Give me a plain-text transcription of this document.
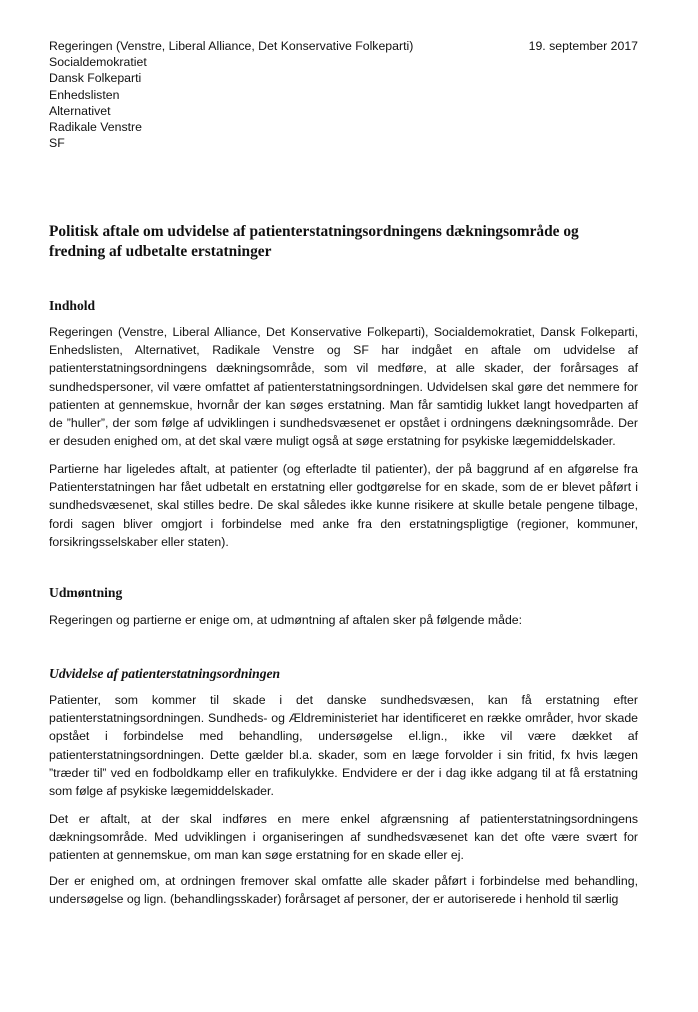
Regeringen (Venstre, Liberal Alliance, Det Konservative Folkeparti)
Socialdemokratiet
Dansk Folkeparti
Enhedslisten
Alternativet
Radikale Venstre
SF
19. september 2017
Politisk aftale om udvidelse af patienterstatningsordningens dækningsområde og fredning af udbetalte erstatninger
Indhold

Regeringen (Venstre, Liberal Alliance, Det Konservative Folkeparti), Socialdemokratiet, Dansk Folkeparti, Enhedslisten, Alternativet, Radikale Venstre og SF har indgået en aftale om udvidelse af patienterstatningsordningens dækningsområde, som vil medføre, at alle skader, der forårsages af sundhedspersoner, vil være omfattet af patienterstatningsordningen. Udvidelsen skal gøre det nemmere for patienten at gennemskue, hvornår der kan søges erstatning. Man får samtidig lukket langt hovedparten af de ”huller”, der som følge af udviklingen i sundhedsvæsenet er opstået i ordningens dækningsområde. Der er desuden enighed om, at det skal være muligt også at søge erstatning for psykiske lægemiddelskader.

Partierne har ligeledes aftalt, at patienter (og efterladte til patienter), der på baggrund af en afgørelse fra Patienterstatningen har fået udbetalt en erstatning eller godtgørelse for en skade, som de er blevet påført i sundhedsvæsenet, skal stilles bedre. De skal således ikke kunne risikere at skulle betale pengene tilbage, fordi sagen bliver omgjort i forbindelse med anke fra den erstatningspligtige (regioner, kommuner, forsikringsselskaber eller staten).

Udmøntning

Regeringen og partierne er enige om, at udmøntning af aftalen sker på følgende måde:

Udvidelse af patienterstatningsordningen

Patienter, som kommer til skade i det danske sundhedsvæsen, kan få erstatning efter patienterstatningsordningen. Sundheds- og Ældreministeriet har identificeret en række områder, hvor skade opstået i forbindelse med behandling, undersøgelse el.lign., ikke vil være dækket af patienterstatningsordningen. Dette gælder bl.a. skader, som en læge forvolder i sin fritid, fx hvis lægen ”træder til” ved en fodboldkamp eller en trafikulykke. Endvidere er der i dag ikke adgang til at få erstatning som følge af psykiske lægemiddelskader.

Det er aftalt, at der skal indføres en mere enkel afgrænsning af patienterstatningsordningens dækningsområde. Med udviklingen i organiseringen af sundhedsvæsenet kan det ofte være svært for patienten at gennemskue, om man kan søge erstatning for en skade eller ej.

Der er enighed om, at ordningen fremover skal omfatte alle skader påført i forbindelse med behandling, undersøgelse og lign. (behandlingsskader) forårsaget af personer, der er autoriserede i henhold til særlig
